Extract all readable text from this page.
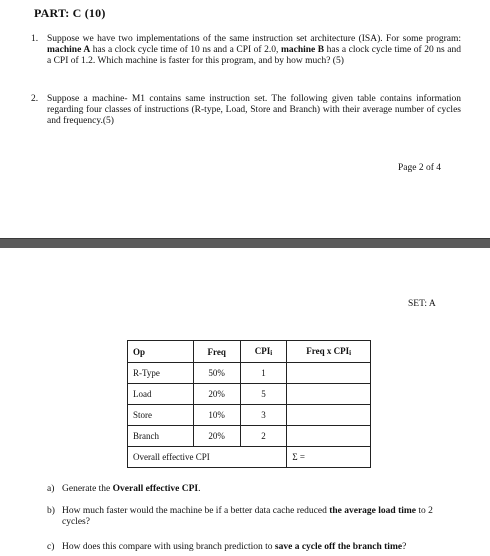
PART: C (10)
1. Suppose we have two implementations of the same instruction set architecture (ISA). For some program: machine A has a clock cycle time of 10 ns and a CPI of 2.0, machine B has a clock cycle time of 20 ns and a CPI of 1.2. Which machine is faster for this program, and by how much? (5)
2. Suppose a machine- M1 contains same instruction set. The following given table contains information regarding four classes of instructions (R-type, Load, Store and Branch) with their average number of cycles and frequency.(5)
Page 2 of 4
SET: A
Op	Freq	CPIi	Freq x CPIi
R-Type	50%	1	
Load	20%	5	
Store	10%	3	
Branch	20%	2	
Overall effective CPI			Σ =
a) Generate the Overall effective CPI.
b) How much faster would the machine be if a better data cache reduced the average load time to 2 cycles?
c) How does this compare with using branch prediction to save a cycle off the branch time?
